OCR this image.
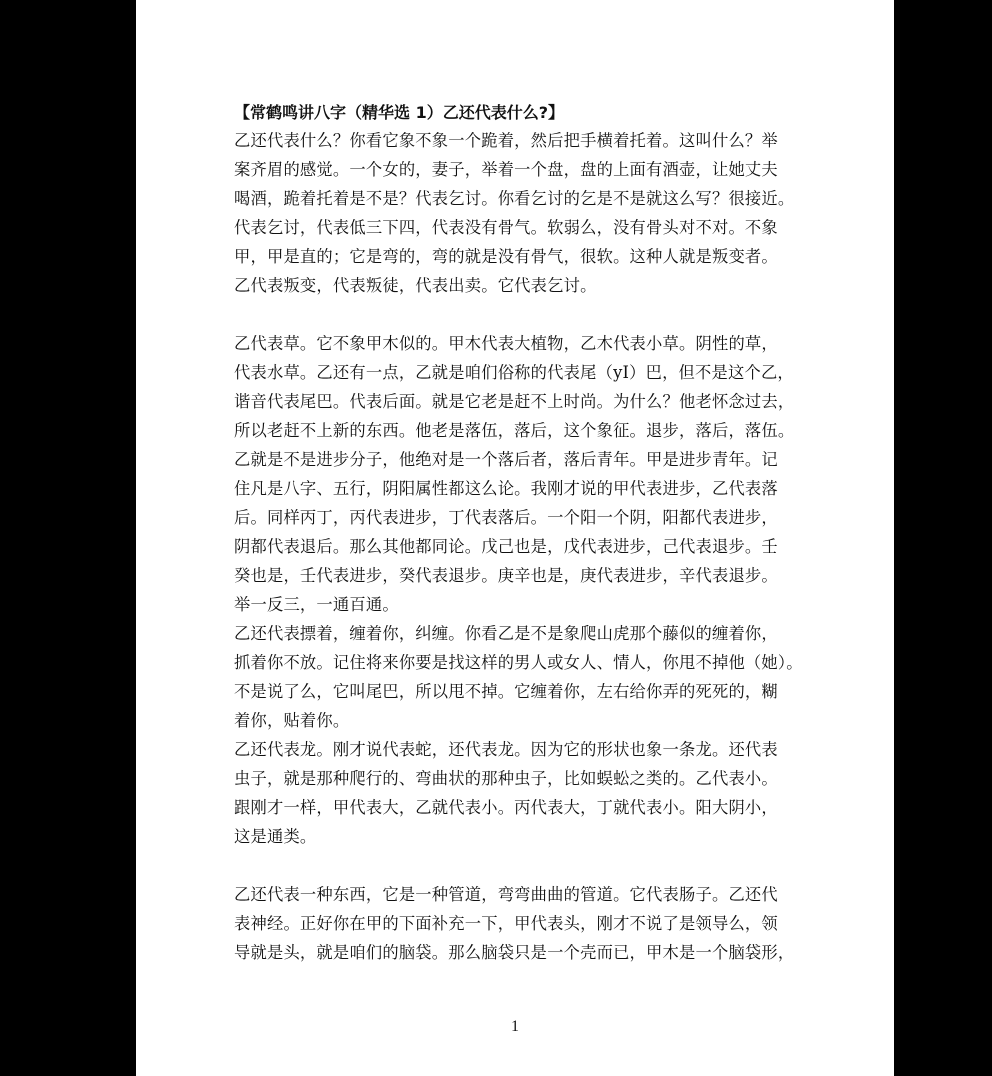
【常鹤鸣讲八字（精华选 1）乙还代表什么?】
乙还代表什么？你看它象不象一个跪着，然后把手横着托着。这叫什么？举
案齐眉的感觉。一个女的，妻子，举着一个盘，盘的上面有酒壶，让她丈夫
喝酒，跪着托着是不是？代表乞讨。你看乞讨的乞是不是就这么写？很接近。
代表乞讨，代表低三下四，代表没有骨气。软弱么，没有骨头对不对。不象
甲，甲是直的；它是弯的，弯的就是没有骨气，很软。这种人就是叛变者。
乙代表叛变，代表叛徒，代表出卖。它代表乞讨。
乙代表草。它不象甲木似的。甲木代表大植物，乙木代表小草。阴性的草，
代表水草。乙还有一点，乙就是咱们俗称的代表尾（yI）巴，但不是这个乙，
谐音代表尾巴。代表后面。就是它老是赶不上时尚。为什么？他老怀念过去，
所以老赶不上新的东西。他老是落伍，落后，这个象征。退步，落后，落伍。
乙就是不是进步分子，他绝对是一个落后者，落后青年。甲是进步青年。记
住凡是八字、五行，阴阳属性都这么论。我刚才说的甲代表进步，乙代表落
后。同样丙丁，丙代表进步，丁代表落后。一个阳一个阴，阳都代表进步，
阴都代表退后。那么其他都同论。戊己也是，戊代表进步，己代表退步。壬
癸也是，壬代表进步，癸代表退步。庚辛也是，庚代表进步，辛代表退步。
举一反三，一通百通。
乙还代表摽着，缠着你，纠缠。你看乙是不是象爬山虎那个藤似的缠着你，
抓着你不放。记住将来你要是找这样的男人或女人、情人，你甩不掉他（她）。
不是说了么，它叫尾巴，所以甩不掉。它缠着你，左右给你弄的死死的，糊
着你，贴着你。
乙还代表龙。刚才说代表蛇，还代表龙。因为它的形状也象一条龙。还代表
虫子，就是那种爬行的、弯曲状的那种虫子，比如蜈蚣之类的。乙代表小。
跟刚才一样，甲代表大，乙就代表小。丙代表大，丁就代表小。阳大阴小，
这是通类。
乙还代表一种东西，它是一种管道，弯弯曲曲的管道。它代表肠子。乙还代
表神经。正好你在甲的下面补充一下，甲代表头，刚才不说了是领导么，领
导就是头，就是咱们的脑袋。那么脑袋只是一个壳而已，甲木是一个脑袋形，
1
